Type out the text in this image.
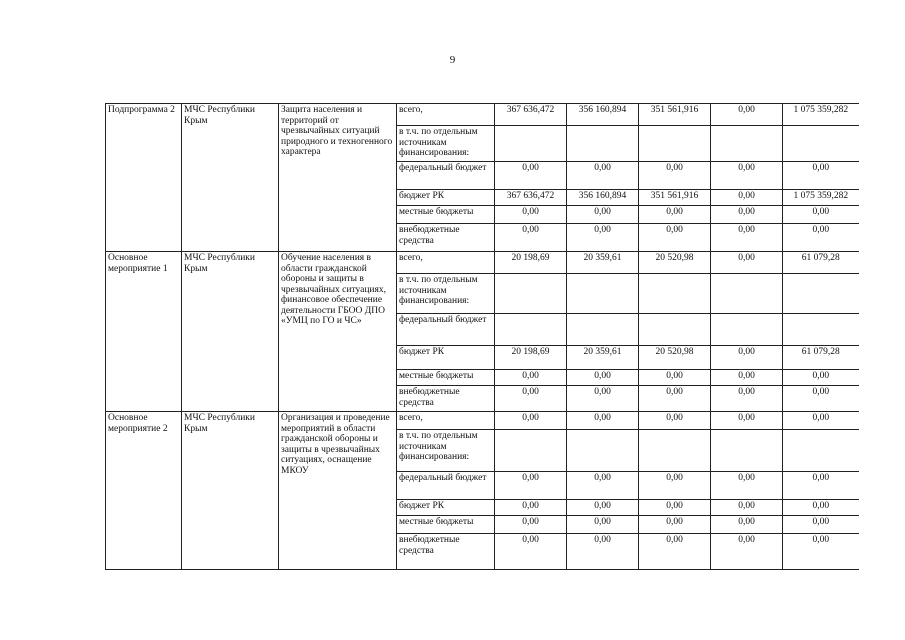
9
Подпрограмма 2	МЧС Республики Крым	Защита населения и территорий от чрезвычайных ситуаций природного и техногенного характера	всего,	367 636,472	356 160,894	351 561,916	0,00	1 075 359,282
			в т.ч. по отдельным источникам финансирования:					
			федеральный бюджет	0,00	0,00	0,00	0,00	0,00
			бюджет РК	367 636,472	356 160,894	351 561,916	0,00	1 075 359,282
			местные бюджеты	0,00	0,00	0,00	0,00	0,00
			внебюджетные средства	0,00	0,00	0,00	0,00	0,00
Основное мероприятие 1	МЧС Республики Крым	Обучение населения в области гражданской обороны и защиты в чрезвычайных ситуациях, финансовое обеспечение деятельности ГБОО ДПО «УМЦ по ГО и ЧС»	всего,	20 198,69	20 359,61	20 520,98	0,00	61 079,28
			в т.ч. по отдельным источникам финансирования:					
			федеральный бюджет					
			бюджет РК	20 198,69	20 359,61	20 520,98	0,00	61 079,28
			местные бюджеты	0,00	0,00	0,00	0,00	0,00
			внебюджетные средства	0,00	0,00	0,00	0,00	0,00
Основное мероприятие 2	МЧС Республики Крым	Организация и проведение мероприятий в области гражданской обороны и защиты в чрезвычайных ситуациях, оснащение МКОУ	всего,	0,00	0,00	0,00	0,00	0,00
			в т.ч. по отдельным источникам финансирования:					
			федеральный бюджет	0,00	0,00	0,00	0,00	0,00
			бюджет РК	0,00	0,00	0,00	0,00	0,00
			местные бюджеты	0,00	0,00	0,00	0,00	0,00
			внебюджетные средства	0,00	0,00	0,00	0,00	0,00
